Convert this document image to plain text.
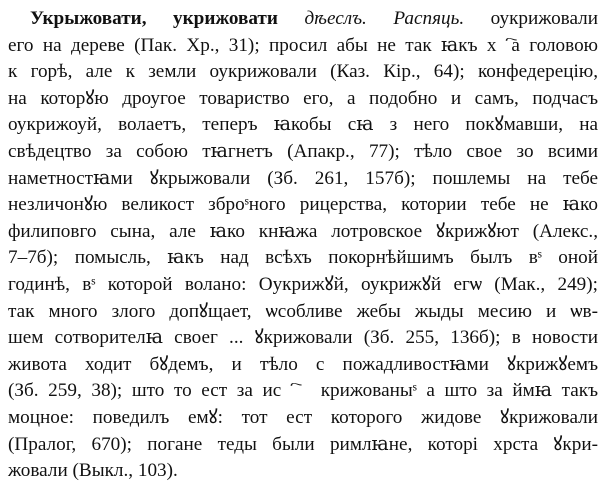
Укрыжовати, укрижовати дѣеслъ. Распяць. оукрижовали
его на дереве (Пак. Хр., 31); просил абы не так ꙗкъ хⷭ҇а головою
к горѣ, але к земли оукрижовали (Каз. Кір., 64); конфедерецію,
на которꙋю дроугое товариство его, а подобно и самъ, подчасъ
оукрижоуй, волаетъ, теперъ ꙗкобы сꙗ з него покꙋмавши, на
свѣдецтво за собою тꙗгнетъ (Апакр., 77); тѣло свое зо всими
наметностꙗми ꙋкрыжовали (Зб. 261, 157б); пошлемы на тебе
незличонꙋю великост зброˢного рицерства, котории тебе не ꙗко
филиповго сына, але ꙗко кнꙗжа лотровское ꙋкрижꙋют (Алекс.,
7–7б); помысль, ꙗкъ над всѣхъ покорнѣйшимъ былъ вˢ оной
годинѣ, вˢ которой волано: Оукрижꙋй, оукрижꙋй егѡ (Мак., 249);
так много злого допꙋщает, ѡсобливе жебы жыды месию и ѡв-
шем сотворителꙗ своег ... ꙋкрижовали (Зб. 255, 136б); в новости
живота ходит бꙋдемъ, и тѣло с пожадливостꙗми ꙋкрижꙋемъ
(Зб. 259, 38); што то ест за исⷭ҇ ꙋкрижованыˢ а што за ймꙗ такъ
моцное: поведилъ емꙋ: тот ест которого жидове ꙋкрижовали
(Пралог, 670); погане теды были римлꙗне, которі хрста ꙋкри-
жовали (Выкл., 103).
